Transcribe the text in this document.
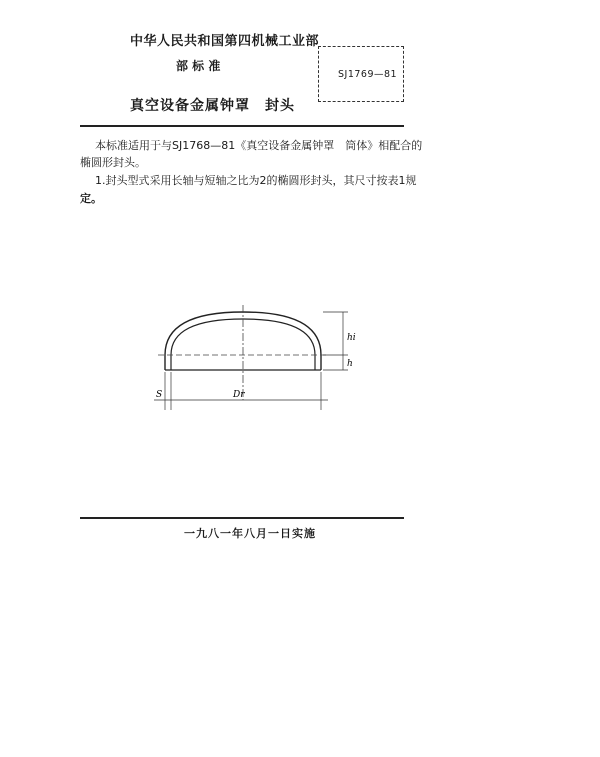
中华人民共和国第四机械工业部
部 标 准
SJ1769—81
真空设备金属钟罩　封头
本标准适用于与SJ1768—81《真空设备金属钟罩　筒体》相配合的
椭圆形封头。
1.封头型式采用长轴与短轴之比为2的椭圆形封头，其尺寸按表1规
定。
hi
h
S	Dr
一九八一年八月一日实施
